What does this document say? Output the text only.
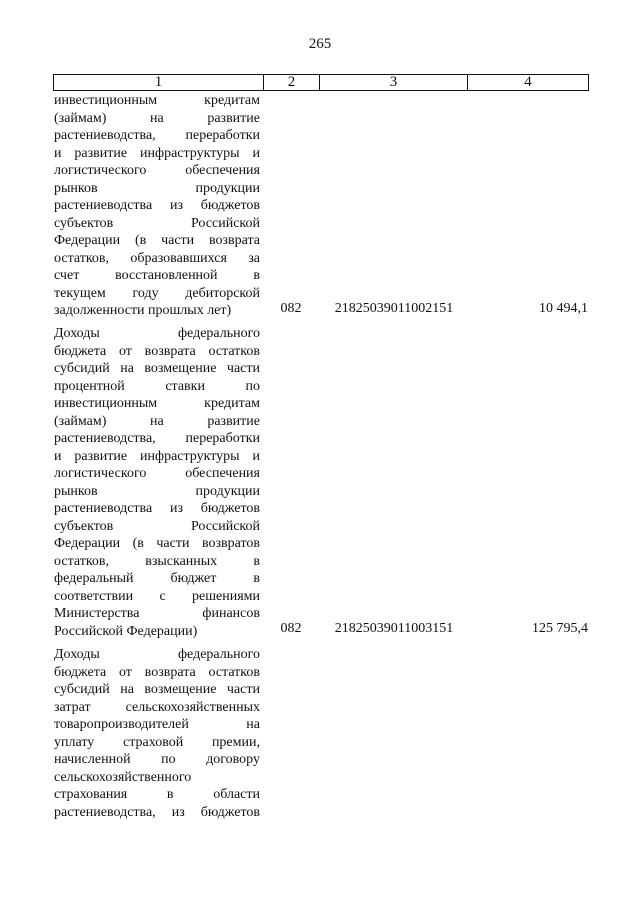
265
1	2	3	4
инвестиционным кредитам
(займам) на развитие
растениеводства, переработки
и развитие инфраструктуры и
логистического обеспечения
рынков продукции
растениеводства из бюджетов
субъектов Российской
Федерации (в части возврата
остатков, образовавшихся за
счет восстановленной в
текущем году дебиторской
задолженности прошлых лет)	082	21825039011002151	10 494,1
Доходы федерального
бюджета от возврата остатков
субсидий на возмещение части
процентной ставки по
инвестиционным кредитам
(займам) на развитие
растениеводства, переработки
и развитие инфраструктуры и
логистического обеспечения
рынков продукции
растениеводства из бюджетов
субъектов Российской
Федерации (в части возвратов
остатков, взысканных в
федеральный бюджет в
соответствии с решениями
Министерства финансов
Российской Федерации)	082	21825039011003151	125 795,4
Доходы федерального
бюджета от возврата остатков
субсидий на возмещение части
затрат сельскохозяйственных
товаропроизводителей на
уплату страховой премии,
начисленной по договору
сельскохозяйственного
страхования в области
растениеводства, из бюджетов
